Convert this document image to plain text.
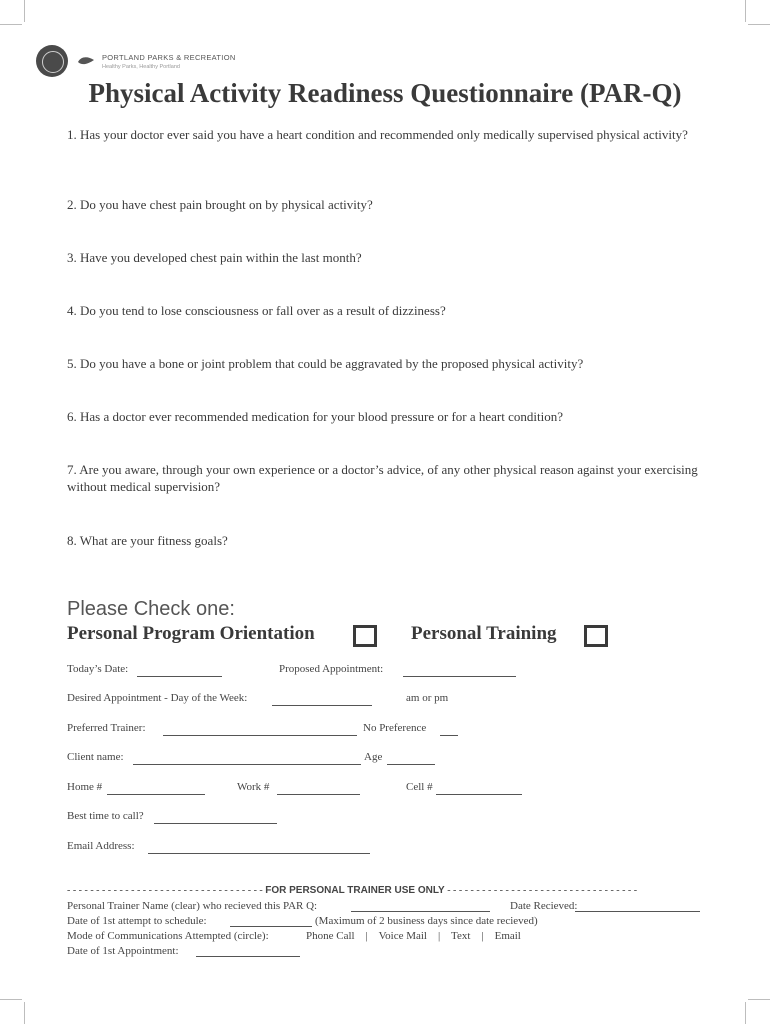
PORTLAND PARKS & RECREATION
Healthy Parks, Healthy Portland
Physical Activity Readiness Questionnaire (PAR-Q)
1. Has your doctor ever said you have a heart condition and recommended only medically supervised physical activity?
2. Do you have chest pain brought on by physical activity?
3. Have you developed chest pain within the last month?
4. Do you tend to lose consciousness or fall over as a result of dizziness?
5. Do you have a bone or joint problem that could be aggravated by the proposed physical activity?
6. Has a doctor ever recommended medication for your blood pressure or for a heart condition?
7. Are you aware, through your own experience or a doctor’s advice, of any other physical reason against your exercising without medical supervision?
8. What are your fitness goals?
Please Check one:
Personal Program Orientation	Personal Training
Today’s Date:	Proposed Appointment:
Desired Appointment - Day of the Week:	am or pm
Preferred Trainer:	No Preference
Client name:	Age
Home #	Work #	Cell #
Best time to call?
Email Address:
- - - - - - - - - - - - - - - - - - - - - - - - - - - - - - - - - - FOR PERSONAL TRAINER USE ONLY - - - - - - - - - - - - - - - - - - - - - - - - - - - - - - - - -
Personal Trainer Name (clear) who recieved this PAR Q:	Date Recieved:
Date of 1st attempt to schedule:	(Maximum of 2 business days since date recieved)
Mode of Communications Attempted (circle):	Phone Call    |    Voice Mail    |    Text    |    Email
Date of 1st Appointment:
